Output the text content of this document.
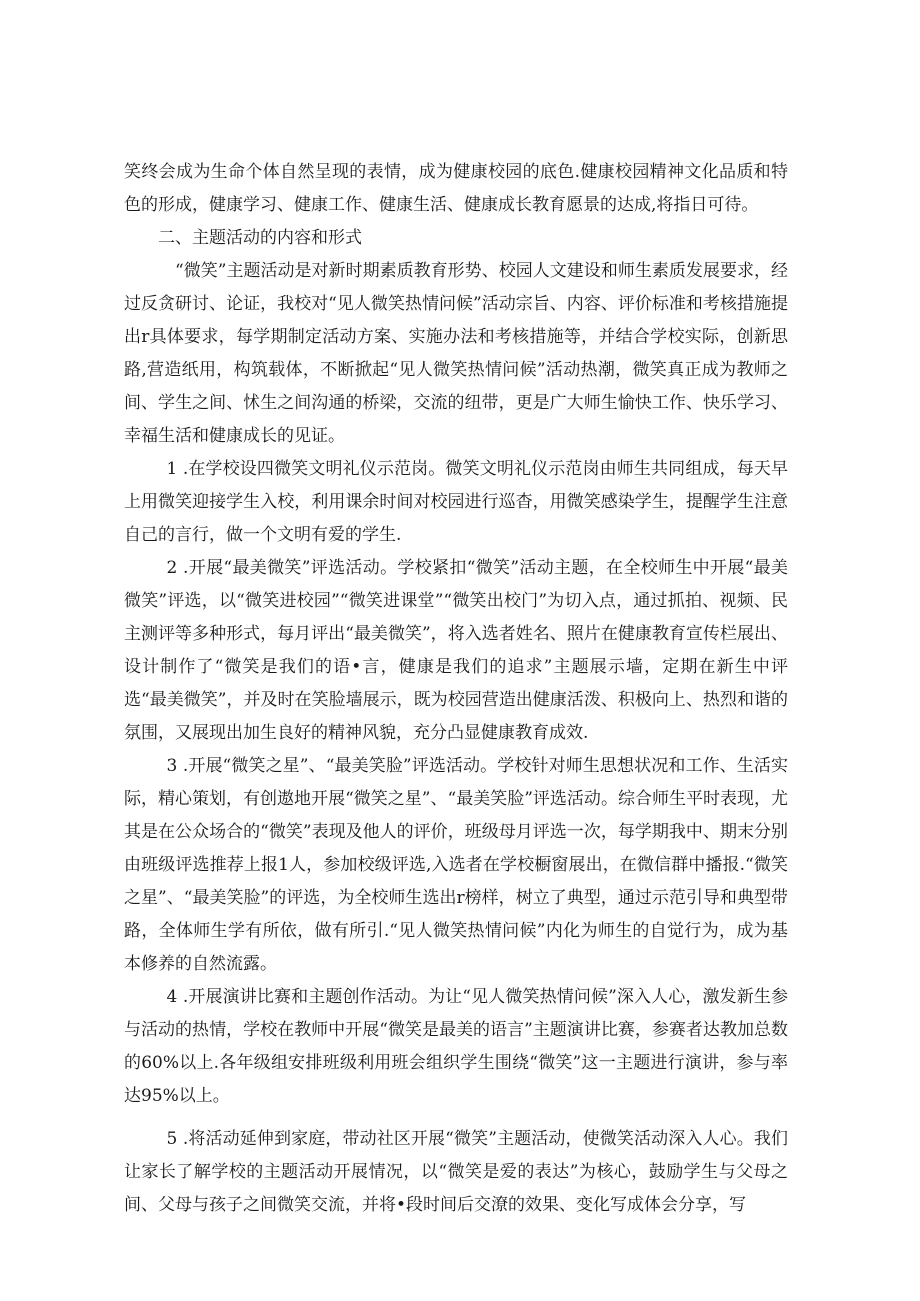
笑终会成为生命个体自然呈现的表情，成为健康校园的底色.健康校园精神文化品质和特色的形成，健康学习、健康工作、健康生活、健康成长教育愿景的达成,将指日可待。

二、主题活动的内容和形式

“微笑”主题活动是对新时期素质教育形势、校园人文建设和师生素质发展要求，经过反贪研讨、论证，我校对“见人微笑热情问候”活动宗旨、内容、评价标准和考核措施提出r具体要求，每学期制定活动方案、实施办法和考核措施等，并结合学校实际，创新思路,营造纸用，构筑载体，不断掀起“见人微笑热情问候”活动热潮，微笑真正成为教师之间、学生之间、怵生之间沟通的桥梁，交流的纽带，更是广大师生愉快工作、快乐学习、幸福生活和健康成长的见证。

1 .在学校设四微笑文明礼仪示范岗。微笑文明礼仪示范岗由师生共同组成，每天早上用微笑迎接学生入校，利用课余时间对校园进行巡杳，用微笑感染学生，提醒学生注意自己的言行，做一个文明有爱的学生.

2 .开展“最美微笑”评选活动。学校紧扣“微笑”活动主题，在全校师生中开展“最美微笑”评选，以“微笑进校园”“微笑进课堂”“微笑出校门”为切入点，通过抓拍、视频、民主测评等多种形式，每月评出“最美微笑”，将入选者姓名、照片在健康教育宣传栏展出、设计制作了“微笑是我们的语•言，健康是我们的追求”主题展示墙，定期在新生中评选“最美微笑”，并及时在笑脸墙展示，既为校园营造出健康活泼、积极向上、热烈和谐的氛围，又展现出加生良好的精神风貌，充分凸显健康教育成效.

3 .开展“微笑之星”、“最美笑脸”评选活动。学校针对师生思想状况和工作、生活实际，精心策划，有创遨地开展“微笑之星”、“最美笑脸”评选活动。综合师生平时表现，尤其是在公众场合的“微笑”表现及他人的评价，班级母月评选一次，每学期我中、期末分别由班级评选推荐上报1人，参加校级评选,入选者在学校橱窗展出，在微信群中播报.“微笑之星”、“最美笑脸”的评选，为全校师生选出r榜样，树立了典型，通过示范引导和典型带路，全体师生学有所依，做有所引.“见人微笑热情问候”内化为师生的自觉行为，成为基本修养的自然流露。

4 .开展演讲比赛和主题创作活动。为让“见人微笑热情问候”深入人心，激发新生参与活动的热情，学校在教师中开展“微笑是最美的语言”主题演讲比赛，参赛者达教加总数的60%以上.各年级组安排班级利用班会组织学生围绕“微笑”这一主题进行演讲，参与率达95%以上。

5 .将活动延伸到家庭，带动社区开展“微笑”主题活动，使微笑活动深入人心。我们让家长了解学校的主题活动开展情况，以“微笑是爱的表达”为核心，鼓励学生与父母之间、父母与孩子之间微笑交流，并将•段时间后交潦的效果、变化写成体会分享，写
